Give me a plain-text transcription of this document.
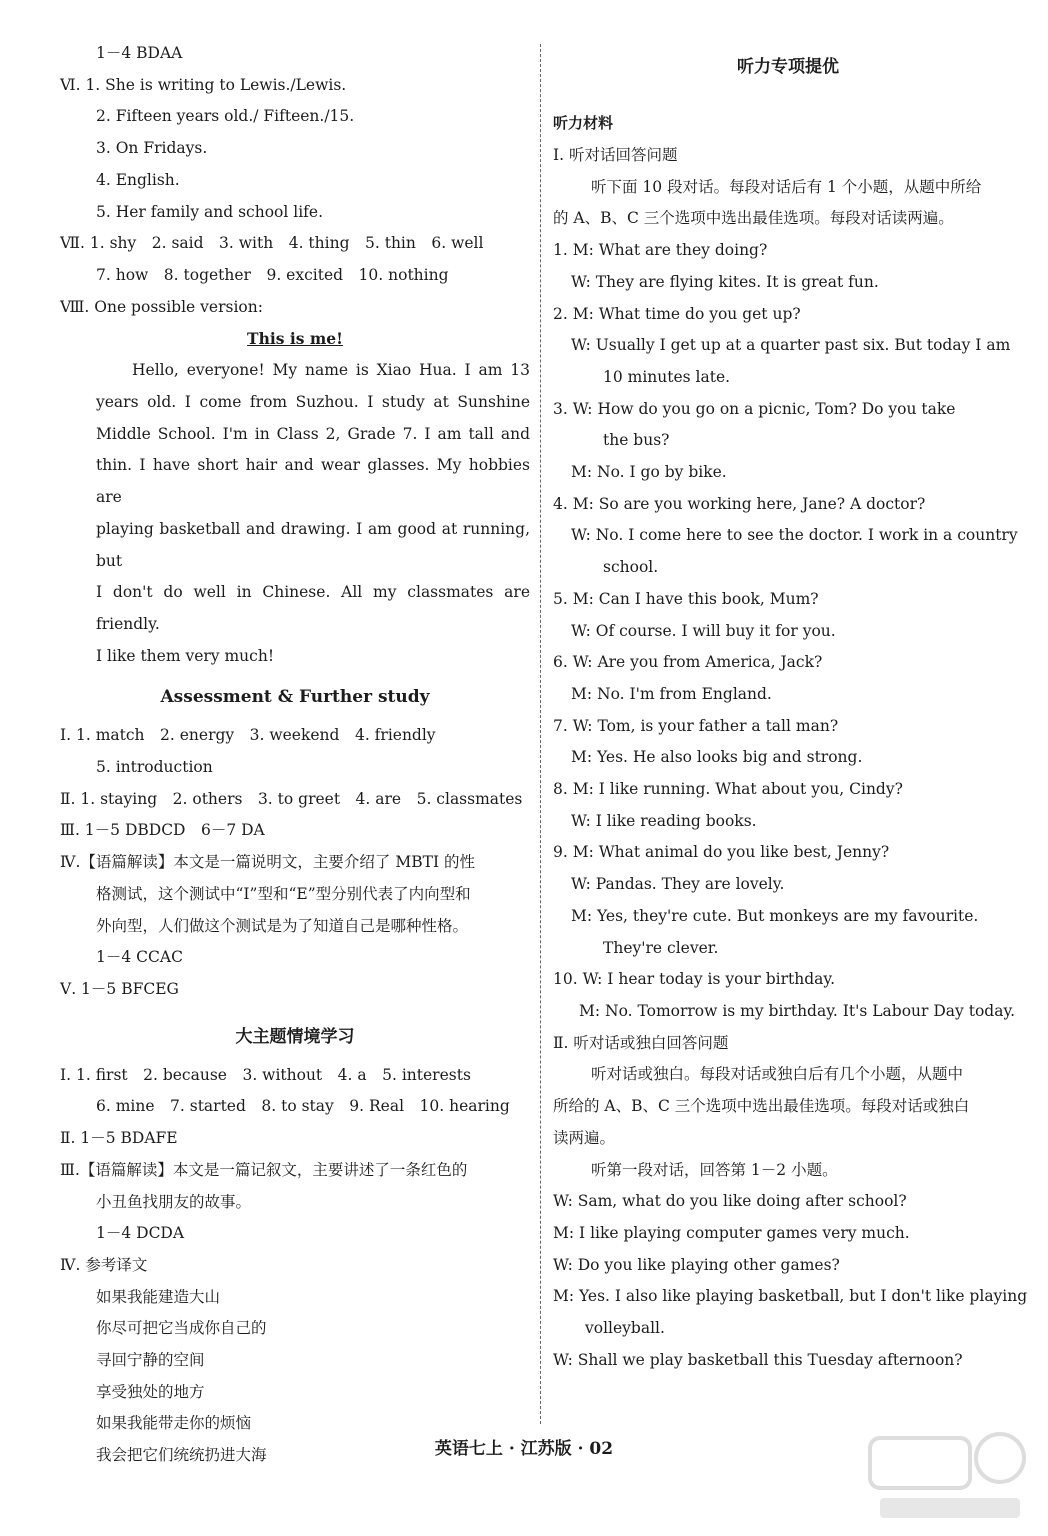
1－4 BDAA
Ⅵ. 1. She is writing to Lewis./Lewis.
2. Fifteen years old./ Fifteen./15.
3. On Fridays.
4. English.
5. Her family and school life.
Ⅶ. 1. shy　2. said　3. with　4. thing　5. thin　6. well
7. how　8. together　9. excited　10. nothing
Ⅷ. One possible version:
This is me!
Hello, everyone! My name is Xiao Hua. I am 13
years old. I come from Suzhou. I study at Sunshine
Middle School. I'm in Class 2, Grade 7. I am tall and
thin. I have short hair and wear glasses. My hobbies are
playing basketball and drawing. I am good at running, but
I don't do well in Chinese. All my classmates are friendly.
I like them very much!
Assessment & Further study
Ⅰ. 1. match　2. energy　3. weekend　4. friendly
5. introduction
Ⅱ. 1. staying　2. others　3. to greet　4. are　5. classmates
Ⅲ. 1－5 DBDCD　6－7 DA
Ⅳ.【语篇解读】本文是一篇说明文，主要介绍了 MBTI 的性
格测试，这个测试中“I”型和“E”型分别代表了内向型和
外向型，人们做这个测试是为了知道自己是哪种性格。
1－4 CCAC
Ⅴ. 1－5 BFCEG
大主题情境学习
Ⅰ. 1. first　2. because　3. without　4. a　5. interests
6. mine　7. started　8. to stay　9. Real　10. hearing
Ⅱ. 1－5 BDAFE
Ⅲ.【语篇解读】本文是一篇记叙文，主要讲述了一条红色的
小丑鱼找朋友的故事。
1－4 DCDA
Ⅳ. 参考译文
如果我能建造大山
你尽可把它当成你自己的
寻回宁静的空间
享受独处的地方
如果我能带走你的烦恼
我会把它们统统扔进大海
听力专项提优
听力材料
Ⅰ. 听对话回答问题
听下面 10 段对话。每段对话后有 1 个小题，从题中所给
的 A、B、C 三个选项中选出最佳选项。每段对话读两遍。
1. M: What are they doing?
W: They are flying kites. It is great fun.
2. M: What time do you get up?
W: Usually I get up at a quarter past six. But today I am
10 minutes late.
3. W: How do you go on a picnic, Tom? Do you take
the bus?
M: No. I go by bike.
4. M: So are you working here, Jane? A doctor?
W: No. I come here to see the doctor. I work in a country
school.
5. M: Can I have this book, Mum?
W: Of course. I will buy it for you.
6. W: Are you from America, Jack?
M: No. I'm from England.
7. W: Tom, is your father a tall man?
M: Yes. He also looks big and strong.
8. M: I like running. What about you, Cindy?
W: I like reading books.
9. M: What animal do you like best, Jenny?
W: Pandas. They are lovely.
M: Yes, they're cute. But monkeys are my favourite.
They're clever.
10. W: I hear today is your birthday.
M: No. Tomorrow is my birthday. It's Labour Day today.
Ⅱ. 听对话或独白回答问题
听对话或独白。每段对话或独白后有几个小题，从题中
所给的 A、B、C 三个选项中选出最佳选项。每段对话或独白
读两遍。
听第一段对话，回答第 1－2 小题。
W: Sam, what do you like doing after school?
M: I like playing computer games very much.
W: Do you like playing other games?
M: Yes. I also like playing basketball, but I don't like playing
volleyball.
W: Shall we play basketball this Tuesday afternoon?
英语七上 · 江苏版 · 02
